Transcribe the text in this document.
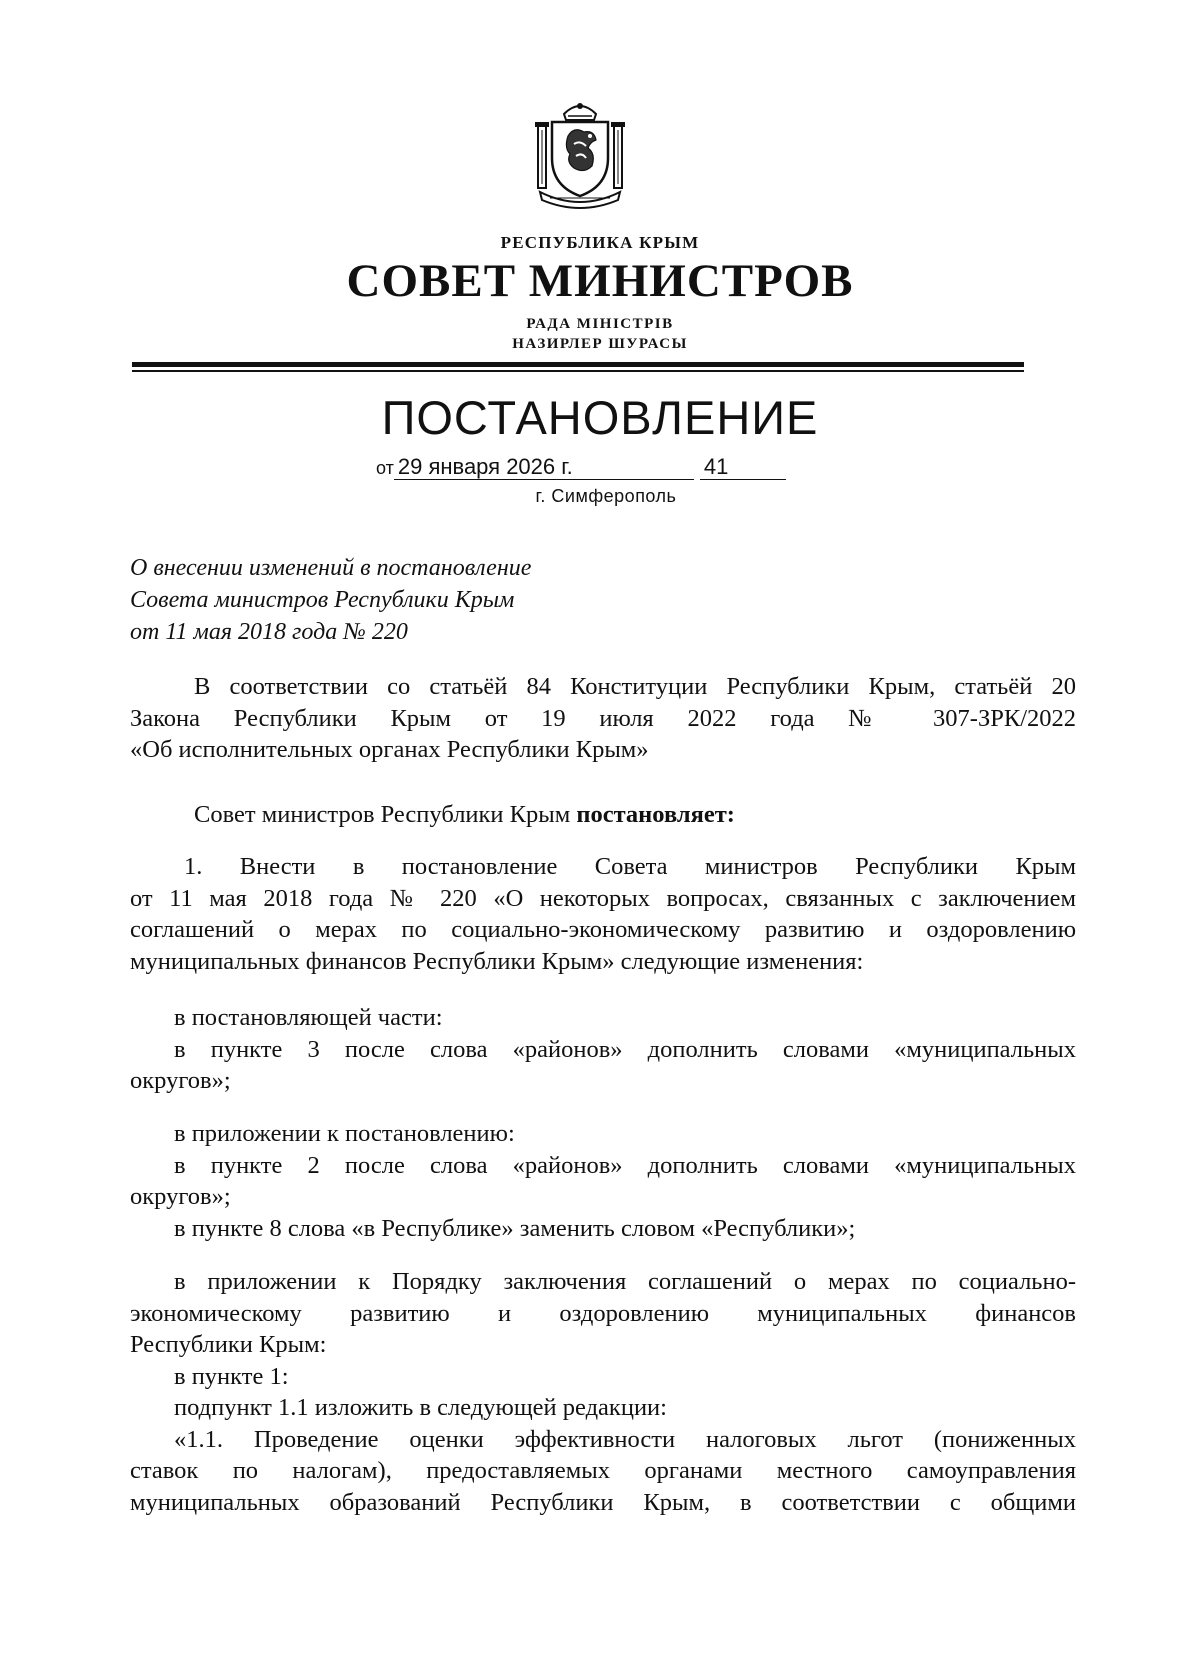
РЕСПУБЛИКА КРЫМ
СОВЕТ МИНИСТРОВ
РАДА МІНІСТРІВ
НАЗИРЛЕР ШУРАСЫ
ПОСТАНОВЛЕНИЕ
от 29 января 2026 г.	41
г. Симферополь
О внесении изменений в постановление
Совета министров Республики Крым
от 11 мая 2018 года № 220

В соответствии со статьёй 84 Конституции Республики Крым, статьёй 20

Закона Республики Крым от 19 июля 2022 года № 307-ЗРК/2022

«Об исполнительных органах Республики Крым»

Совет министров Республики Крым постановляет:

1. Внести в постановление Совета министров Республики Крым

от 11 мая 2018 года № 220 «О некоторых вопросах, связанных с заключением

соглашений о мерах по социально-экономическому развитию и оздоровлению

муниципальных финансов Республики Крым» следующие изменения:

в постановляющей части:

в пункте 3 после слова «районов» дополнить словами «муниципальных

округов»;

в приложении к постановлению:

в пункте 2 после слова «районов» дополнить словами «муниципальных

округов»;

в пункте 8 слова «в Республике» заменить словом «Республики»;

в приложении к Порядку заключения соглашений о мерах по социально-

экономическому развитию и оздоровлению муниципальных финансов

Республики Крым:

в пункте 1:

подпункт 1.1 изложить в следующей редакции:

«1.1. Проведение оценки эффективности налоговых льгот (пониженных

ставок по налогам), предоставляемых органами местного самоуправления

муниципальных образований Республики Крым, в соответствии с общими
